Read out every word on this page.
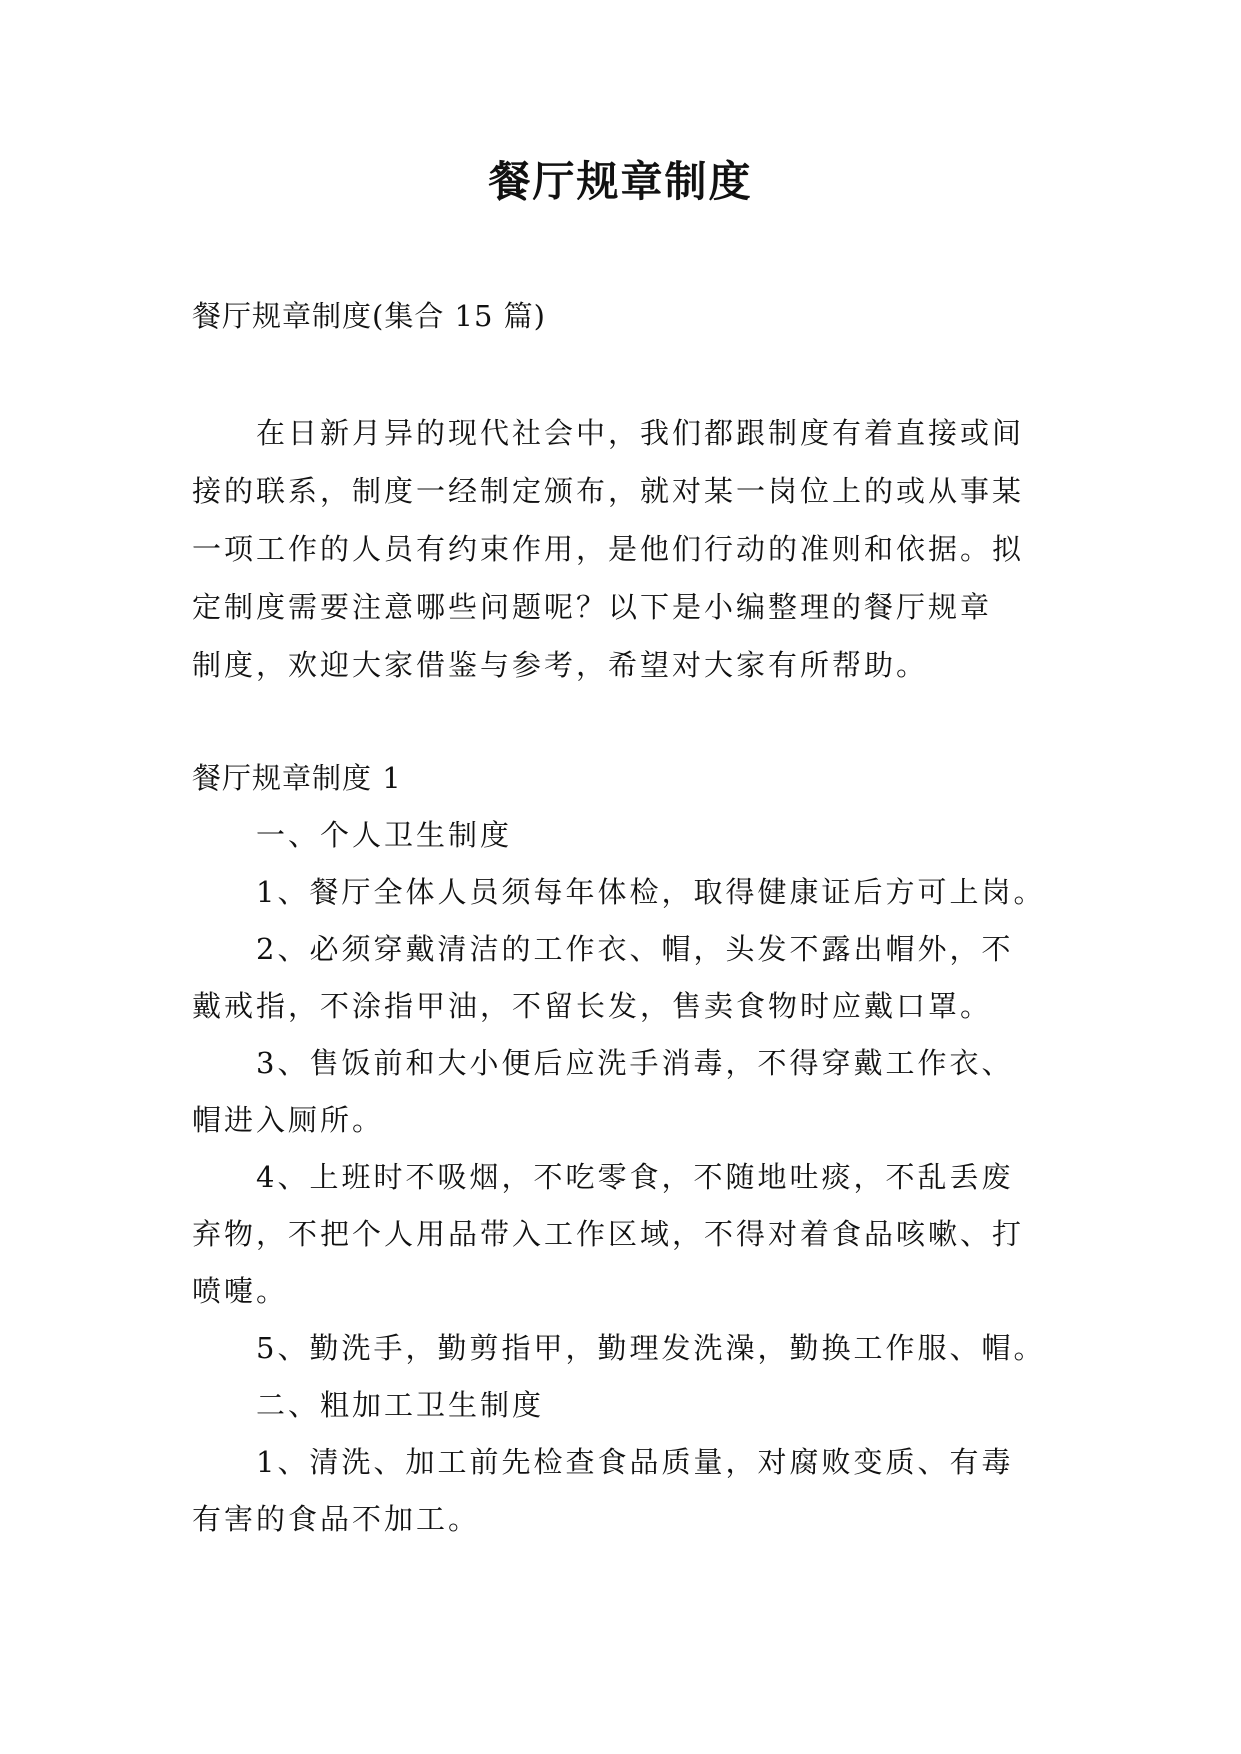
餐厅规章制度

餐厅规章制度(集合 15 篇)

在日新月异的现代社会中，我们都跟制度有着直接或间
接的联系，制度一经制定颁布，就对某一岗位上的或从事某
一项工作的人员有约束作用，是他们行动的准则和依据。拟
定制度需要注意哪些问题呢？以下是小编整理的餐厅规章
制度，欢迎大家借鉴与参考，希望对大家有所帮助。

餐厅规章制度 1

一、个人卫生制度
1、餐厅全体人员须每年体检，取得健康证后方可上岗。
2、必须穿戴清洁的工作衣、帽，头发不露出帽外，不
戴戒指，不涂指甲油，不留长发，售卖食物时应戴口罩。
3、售饭前和大小便后应洗手消毒，不得穿戴工作衣、
帽进入厕所。
4、上班时不吸烟，不吃零食，不随地吐痰，不乱丢废
弃物，不把个人用品带入工作区域，不得对着食品咳嗽、打
喷嚏。
5、勤洗手，勤剪指甲，勤理发洗澡，勤换工作服、帽。
二、粗加工卫生制度
1、清洗、加工前先检查食品质量，对腐败变质、有毒
有害的食品不加工。
